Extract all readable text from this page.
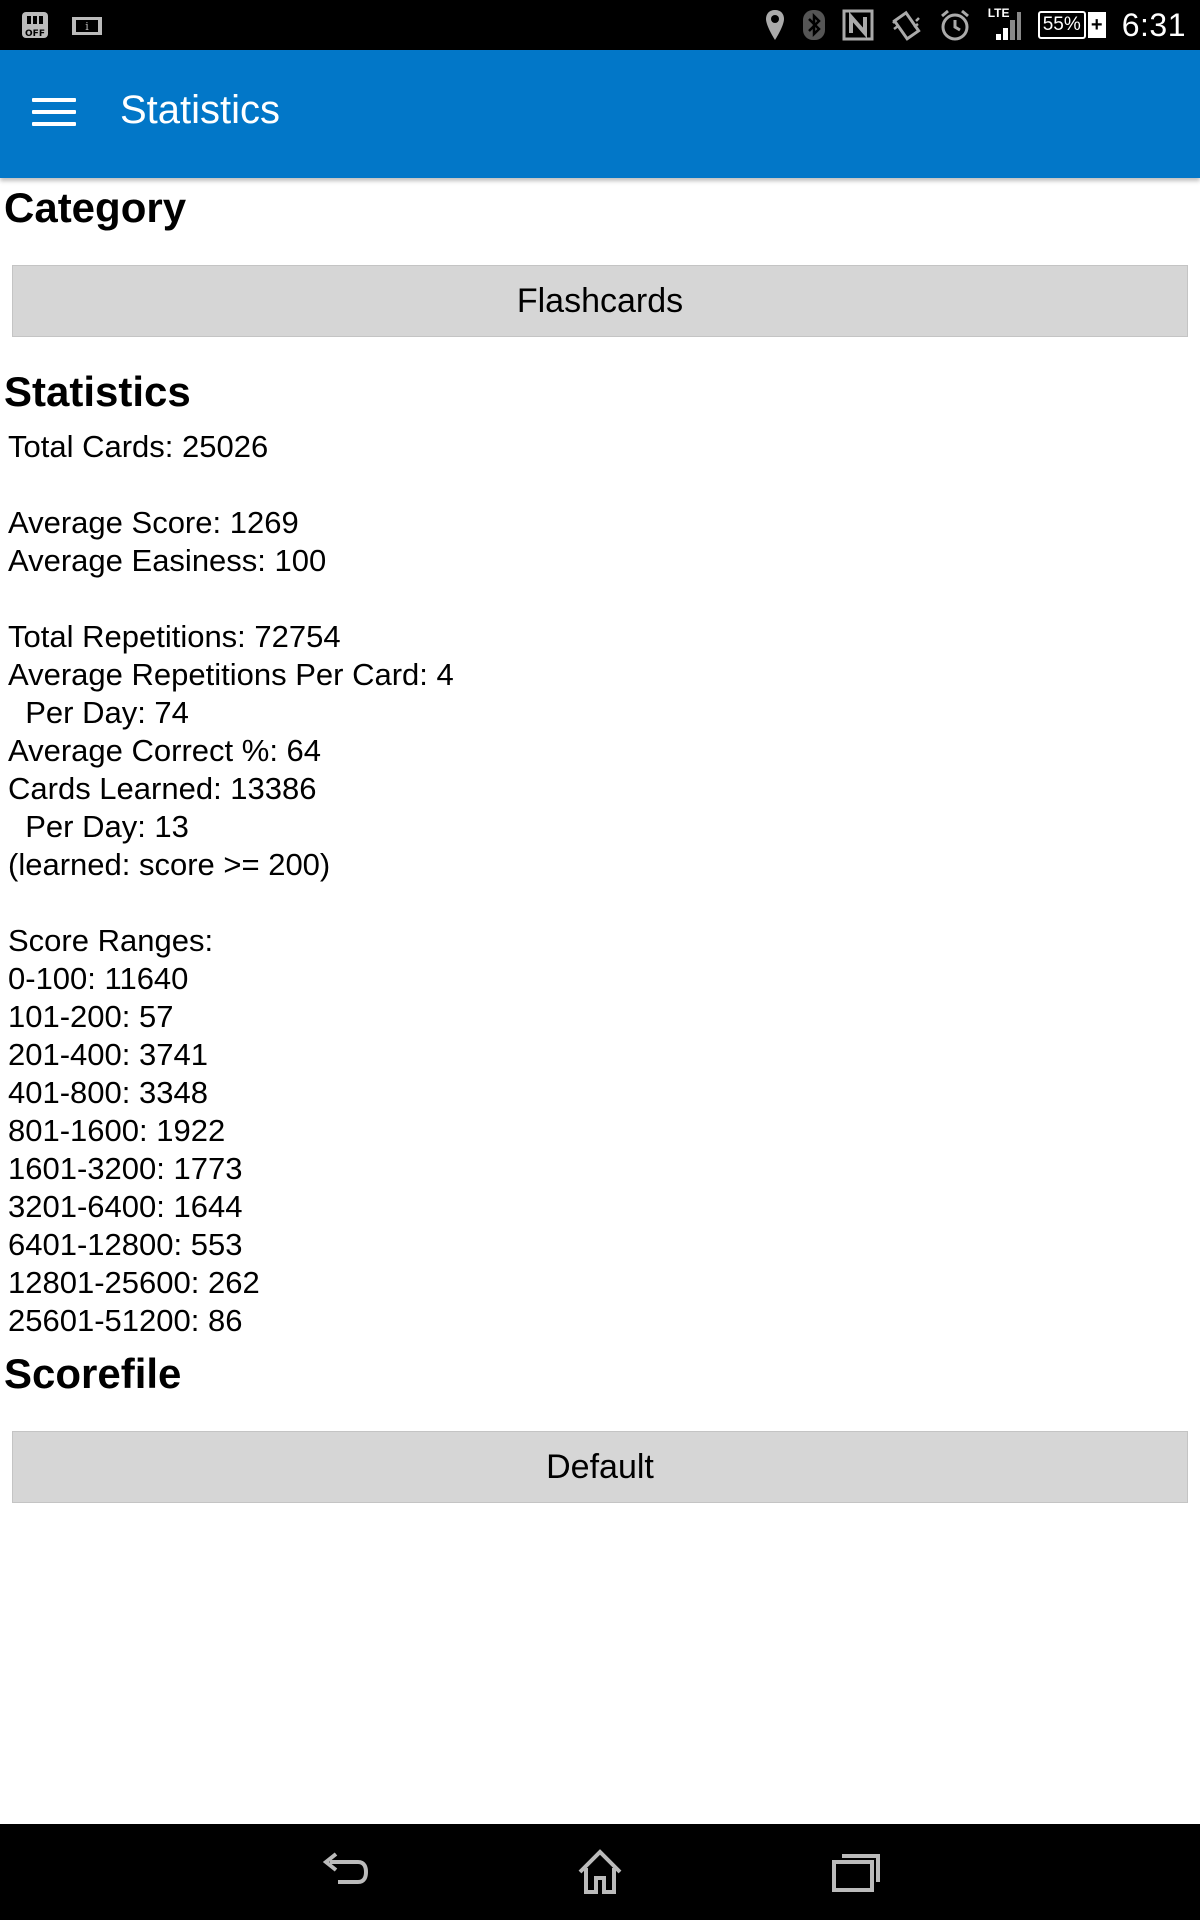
OFF
i
LTE
55% + 6:31
Statistics
Category
Flashcards
Statistics
Total Cards: 25026
Average Score: 1269
Average Easiness: 100
Total Repetitions: 72754
Average Repetitions Per Card: 4
Per Day: 74
Average Correct %: 64
Cards Learned: 13386
Per Day: 13
(learned: score >= 200)
Score Ranges:
0-100: 11640
101-200: 57
201-400: 3741
401-800: 3348
801-1600: 1922
1601-3200: 1773
3201-6400: 1644
6401-12800: 553
12801-25600: 262
25601-51200: 86
Scorefile
Default
